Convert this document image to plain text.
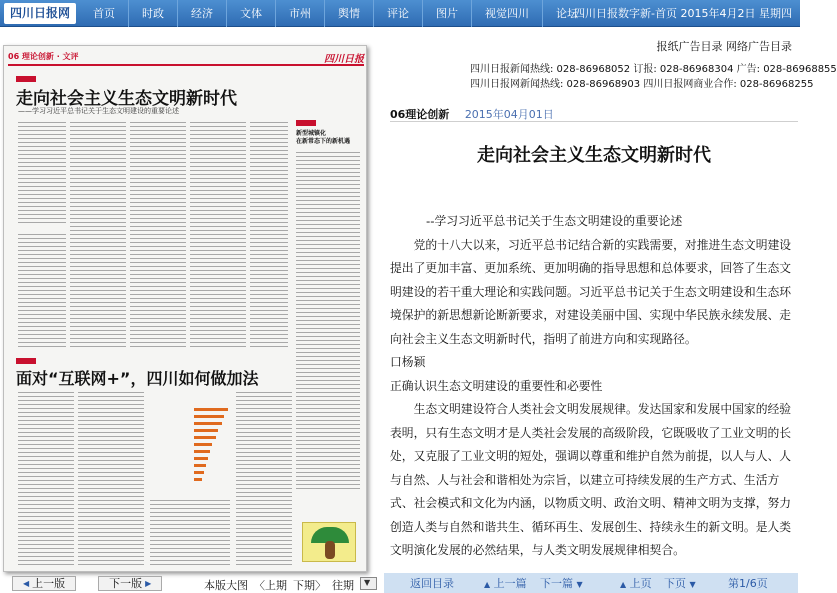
四川日报网	首页	时政	经济	文体	市州	舆情	评论	图片	视觉四川	论坛
四川日报数字新-首页 2015年4月2日 星期四
06 理论创新 · 文评	四川日报
走向社会主义生态文明新时代
——学习习近平总书记关于生态文明建设的重要论述
新型城镇化
在新常态下的新机遇
面对“互联网+”，四川如何做加法
◀ 上一版	下一版 ▶	本版大图 〈上期 下期〉 往期
▼
报纸广告目录 网络广告目录
四川日报新闻热线: 028-86968052 订报: 028-86968304 广告: 028-86968855
四川日报网新闻热线: 028-86968903 四川日报网商业合作: 028-86968255
06理论创新 2015年04月01日
走向社会主义生态文明新时代

--学习习近平总书记关于生态文明建设的重要论述

党的十八大以来，习近平总书记结合新的实践需要，对推进生态文明建设提出了更加丰富、更加系统、更加明确的指导思想和总体要求，回答了生态文明建设的若干重大理论和实践问题。习近平总书记关于生态文明建设和生态环境保护的新思想新论断新要求，对建设美丽中国、实现中华民族永续发展、走向社会主义生态文明新时代，指明了前进方向和实现路径。

口杨颖

正确认识生态文明建设的重要性和必要性

生态文明建设符合人类社会文明发展规律。发达国家和发展中国家的经验表明，只有生态文明才是人类社会发展的高级阶段，它既吸收了工业文明的长处，又克服了工业文明的短处，强调以尊重和维护自然为前提，以人与人、人与自然、人与社会和谐相处为宗旨，以建立可持续发展的生产方式、生活方式、社会模式和文化为内涵，以物质文明、政治文明、精神文明为支撑，努力创造人类与自然和谐共生、循环再生、发展创生、持续永生的新文明。是人类文明演化发展的必然结果，与人类文明发展规律相契合。

返回目录	▲ 上一篇 下一篇 ▼	▲ 上页 下页 ▼	第1/6页
